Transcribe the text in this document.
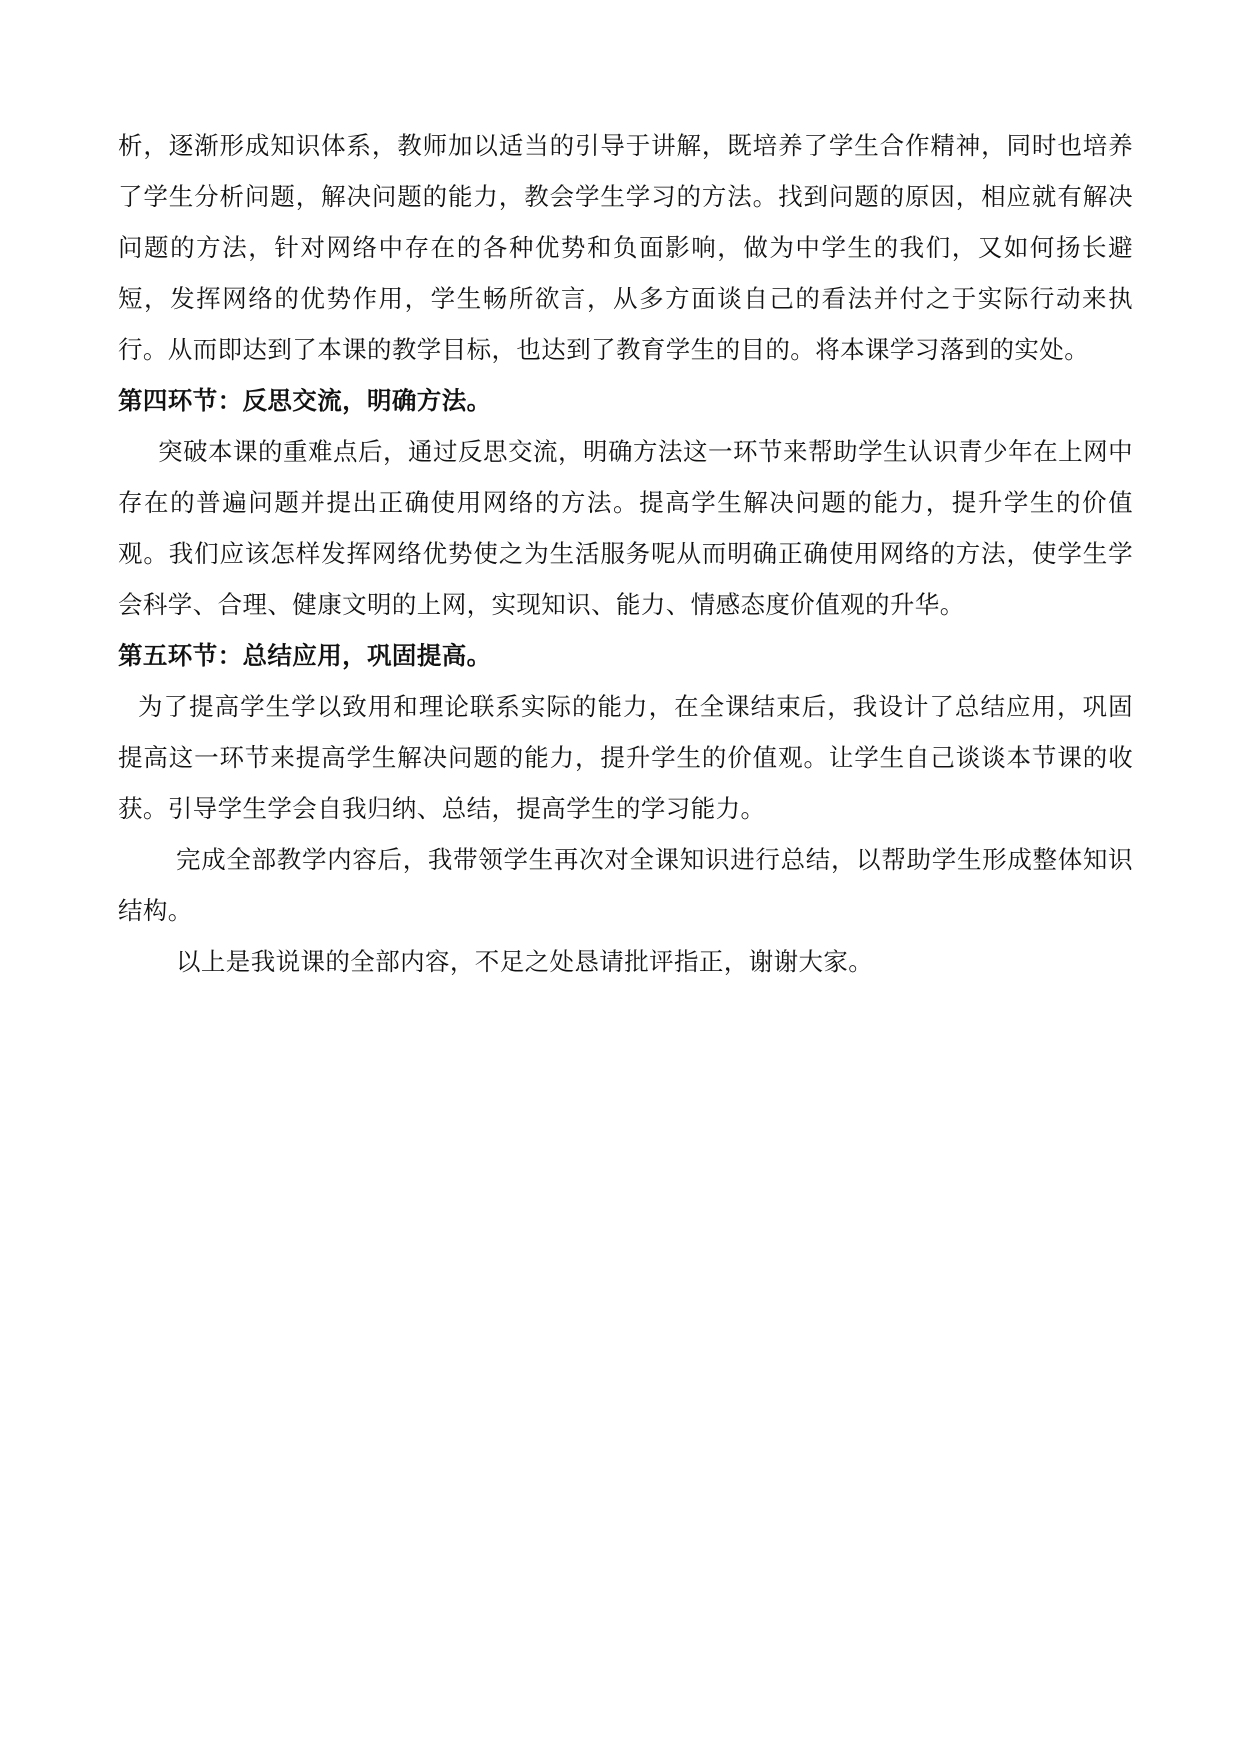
析，逐渐形成知识体系，教师加以适当的引导于讲解，既培养了学生合作精神，同时也培养了学生分析问题，解决问题的能力，教会学生学习的方法。找到问题的原因，相应就有解决问题的方法，针对网络中存在的各种优势和负面影响，做为中学生的我们，又如何扬长避短，发挥网络的优势作用，学生畅所欲言，从多方面谈自己的看法并付之于实际行动来执行。从而即达到了本课的教学目标，也达到了教育学生的目的。将本课学习落到的实处。

第四环节：反思交流，明确方法。

突破本课的重难点后，通过反思交流，明确方法这一环节来帮助学生认识青少年在上网中存在的普遍问题并提出正确使用网络的方法。提高学生解决问题的能力，提升学生的价值观。我们应该怎样发挥网络优势使之为生活服务呢从而明确正确使用网络的方法，使学生学会科学、合理、健康文明的上网，实现知识、能力、情感态度价值观的升华。

第五环节：总结应用，巩固提高。

为了提高学生学以致用和理论联系实际的能力，在全课结束后，我设计了总结应用，巩固提高这一环节来提高学生解决问题的能力，提升学生的价值观。让学生自己谈谈本节课的收获。引导学生学会自我归纳、总结，提高学生的学习能力。

完成全部教学内容后，我带领学生再次对全课知识进行总结，以帮助学生形成整体知识结构。

以上是我说课的全部内容，不足之处恳请批评指正，谢谢大家。
